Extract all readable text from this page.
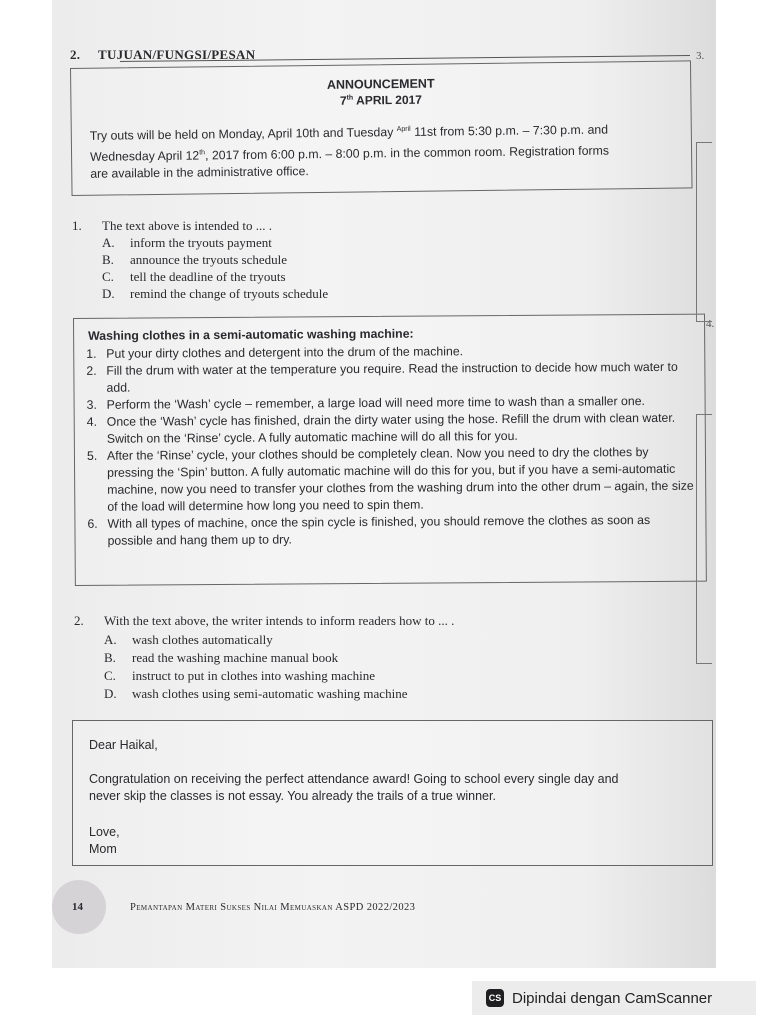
2. TUJUAN/FUNGSI/PESAN	3.
4.
ANNOUNCEMENT
7th APRIL 2017
Try outs will be held on Monday, April 10th and Tuesday $^{April}$ 11st from 5:30 p.m. – 7:30 p.m. and
Wednesday April 12th, 2017 from 6:00 p.m. – 8:00 p.m. in the common room. Registration forms
are available in the administrative office.
1. The text above is intended to ... .
A. inform the tryouts payment
B. announce the tryouts schedule
C. tell the deadline of the tryouts
D. remind the change of tryouts schedule
Washing clothes in a semi-automatic washing machine:
1. Put your dirty clothes and detergent into the drum of the machine.
2. Fill the drum with water at the temperature you require. Read the instruction to decide how much water to add.
3. Perform the ‘Wash’ cycle – remember, a large load will need more time to wash than a smaller one.
4. Once the ‘Wash’ cycle has finished, drain the dirty water using the hose. Refill the drum with clean water. Switch on the ‘Rinse’ cycle. A fully automatic machine will do all this for you.
5. After the ‘Rinse’ cycle, your clothes should be completely clean. Now you need to dry the clothes by pressing the ‘Spin’ button. A fully automatic machine will do this for you, but if you have a semi-automatic machine, now you need to transfer your clothes from the washing drum into the other drum – again, the size of the load will determine how long you need to spin them.
6. With all types of machine, once the spin cycle is finished, you should remove the clothes as soon as possible and hang them up to dry.
2. With the text above, the writer intends to inform readers how to ... .
A. wash clothes automatically
B. read the washing machine manual book
C. instruct to put in clothes into washing machine
D. wash clothes using semi-automatic washing machine
Dear Haikal,
Congratulation on receiving the perfect attendance award! Going to school every single day and
never skip the classes is not essay. You already the trails of a true winner.
Love,
Mom
14	Pemantapan Materi Sukses Nilai Memuaskan ASPD 2022/2023
CS Dipindai dengan CamScanner
